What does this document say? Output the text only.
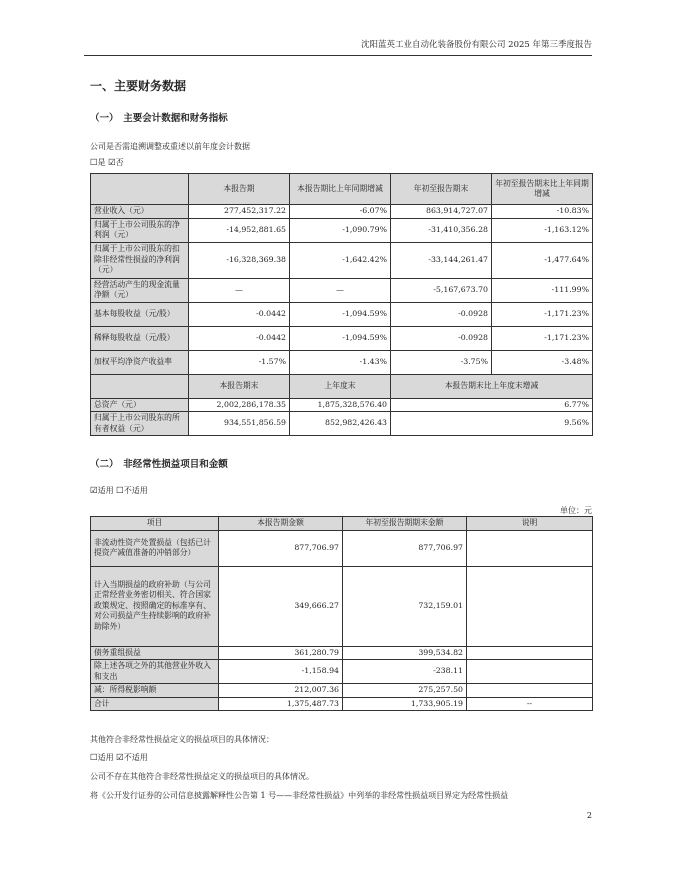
沈阳蓝英工业自动化装备股份有限公司 2025 年第三季度报告
一、主要财务数据
（一）　主要会计数据和财务指标

公司是否需追溯调整或重述以前年度会计数据

☐是 ☑否

	本报告期	本报告期比上年同期增减	年初至报告期末	年初至报告期末比上年同期增减
营业收入（元）	277,452,317.22	-6.07%	863,914,727.07	-10.83%
归属于上市公司股东的净利润（元）	-14,952,881.65	-1,090.79%	-31,410,356.28	-1,163.12%
归属于上市公司股东的扣除非经常性损益的净利润（元）	-16,328,369.38	-1,642.42%	-33,144,261.47	-1,477.64%
经营活动产生的现金流量净额（元）	—	—	-5,167,673.70	-111.99%
基本每股收益（元/股）	-0.0442	-1,094.59%	-0.0928	-1,171.23%
稀释每股收益（元/股）	-0.0442	-1,094.59%	-0.0928	-1,171.23%
加权平均净资产收益率	-1.57%	-1.43%	-3.75%	-3.48%
	本报告期末	上年度末	本报告期末比上年度末增减	
总资产（元）	2,002,286,178.35	1,875,328,576.40	6.77%	
归属于上市公司股东的所有者权益（元）	934,551,856.59	852,982,426.43	9.56%	
（二）　非经常性损益项目和金额

☑适用 ☐不适用

单位：元
项目	本报告期金额	年初至报告期期末金额	说明
非流动性资产处置损益（包括已计提资产减值准备的冲销部分）	877,706.97	877,706.97	
计入当期损益的政府补助（与公司正常经营业务密切相关、符合国家政策规定、按照确定的标准享有、对公司损益产生持续影响的政府补助除外）	349,666.27	732,159.01	
债务重组损益	361,280.79	399,534.82	
除上述各项之外的其他营业外收入和支出	-1,158.94	-238.11	
减：所得税影响额	212,007.36	275,257.50	
合计	1,375,487.73	1,733,905.19	--

其他符合非经常性损益定义的损益项目的具体情况：

☐适用 ☑不适用

公司不存在其他符合非经常性损益定义的损益项目的具体情况。

将《公开发行证券的公司信息披露解释性公告第 1 号——非经常性损益》中列举的非经常性损益项目界定为经常性损益

2
